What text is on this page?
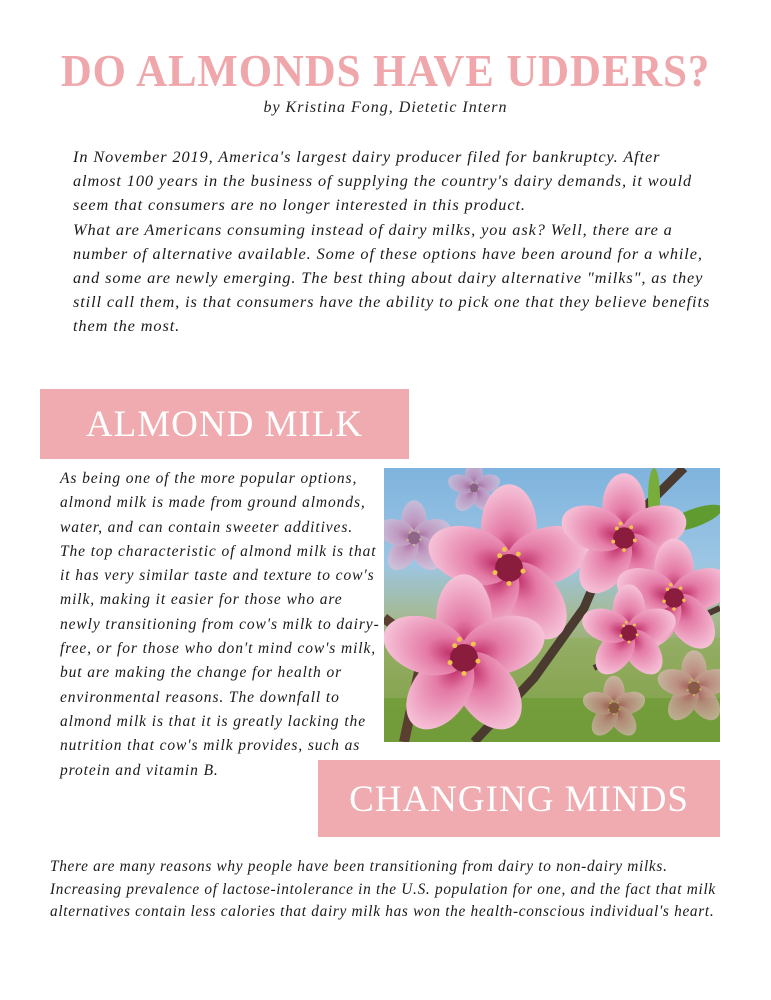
DO ALMONDS HAVE UDDERS?
by Kristina Fong, Dietetic Intern

In November 2019, America's largest dairy producer filed for bankruptcy. After almost 100 years in the business of supplying the country's dairy demands, it would seem that consumers are no longer interested in this product.

What are Americans consuming instead of dairy milks, you ask? Well, there are a number of alternative available. Some of these options have been around for a while, and some are newly emerging. The best thing about dairy alternative "milks", as they still call them, is that consumers have the ability to pick one that they believe benefits them the most.

ALMOND MILK

As being one of the more popular options, almond milk is made from ground almonds, water, and can contain sweeter additives. The top characteristic of almond milk is that it has very similar taste and texture to cow's milk, making it easier for those who are newly transitioning from cow's milk to dairy-free, or for those who don't mind cow's milk, but are making the change for health or environmental reasons. The downfall to almond milk is that it is greatly lacking the nutrition that cow's milk provides, such as protein and vitamin B.

CHANGING MINDS

There are many reasons why people have been transitioning from dairy to non-dairy milks. Increasing prevalence of lactose-intolerance in the U.S. population for one, and the fact that milk alternatives contain less calories that dairy milk has won the health-conscious individual's heart.
